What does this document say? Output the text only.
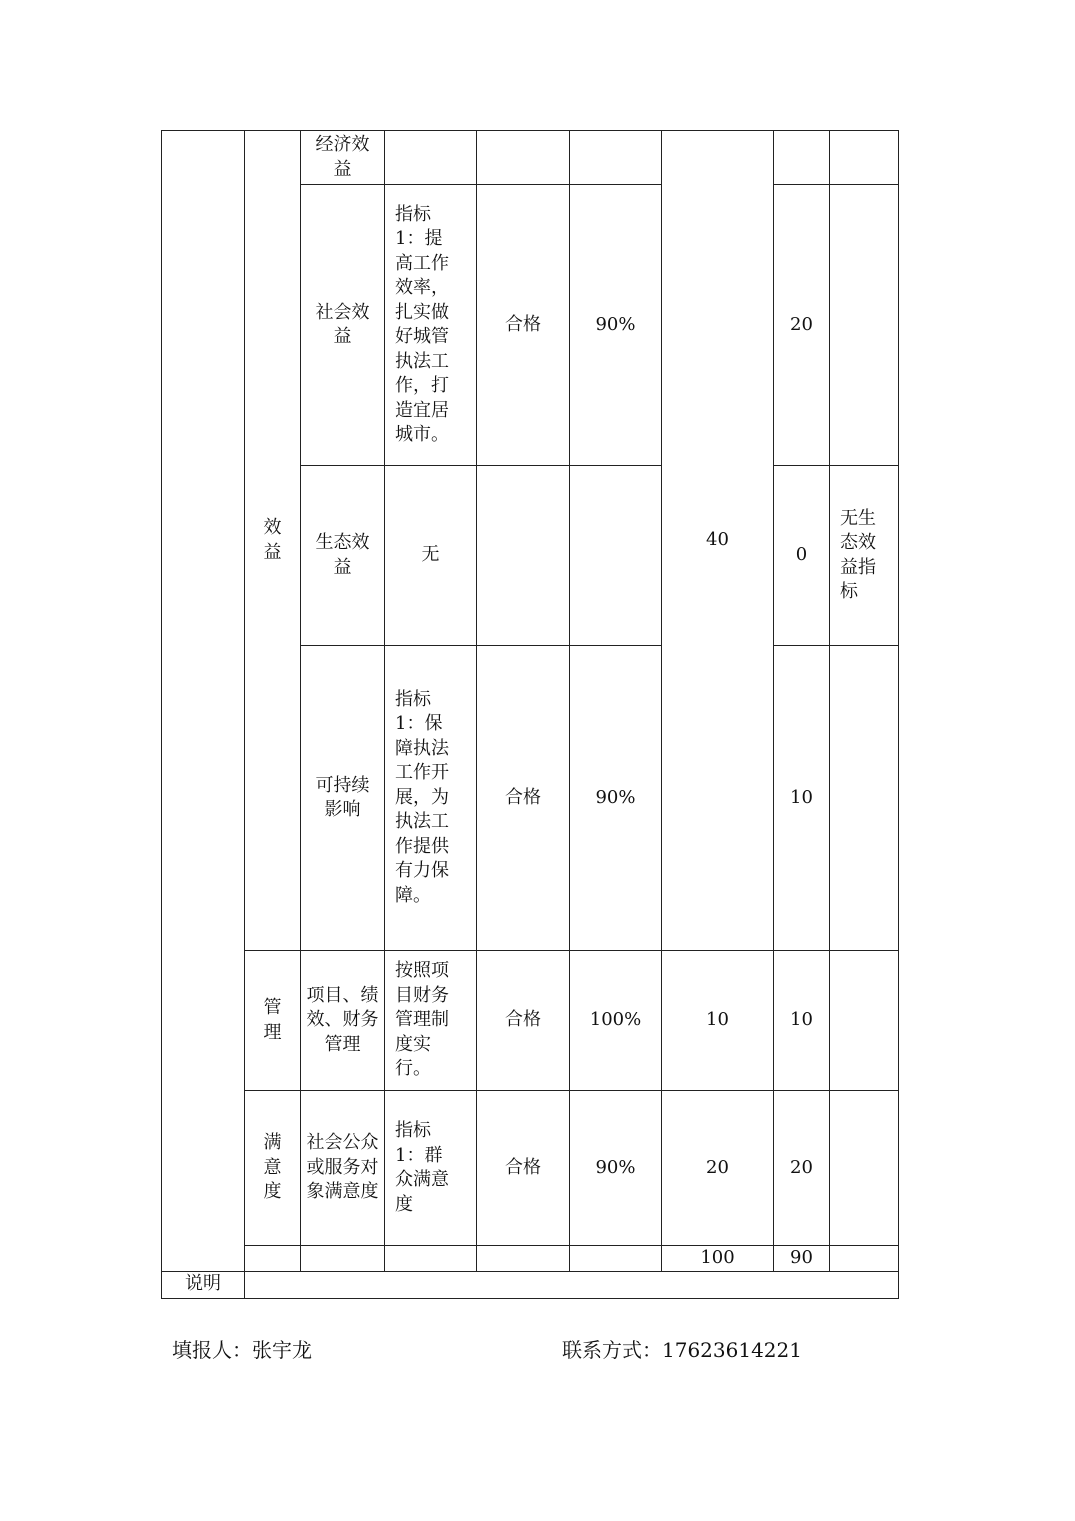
	效益	经济效益				40		

		社会效益	指标 1：提高工作效率，扎实做好城管执法工作，打造宜居城市。	合格	90%		20	

		生态效益	无				0	无生态效益指标

		可持续影响	指标 1：保障执法工作开展，为执法工作提供有力保障。	合格	90%		10	

	管理	项目、绩效、财务管理	按照项目财务管理制度实行。	合格	100%	10	10	

	满意度	社会公众或服务对象满意度	指标 1：群众满意度	合格	90%	20	20	
						100	90	
说明								
填报人：张宇龙	联系方式：17623614221
